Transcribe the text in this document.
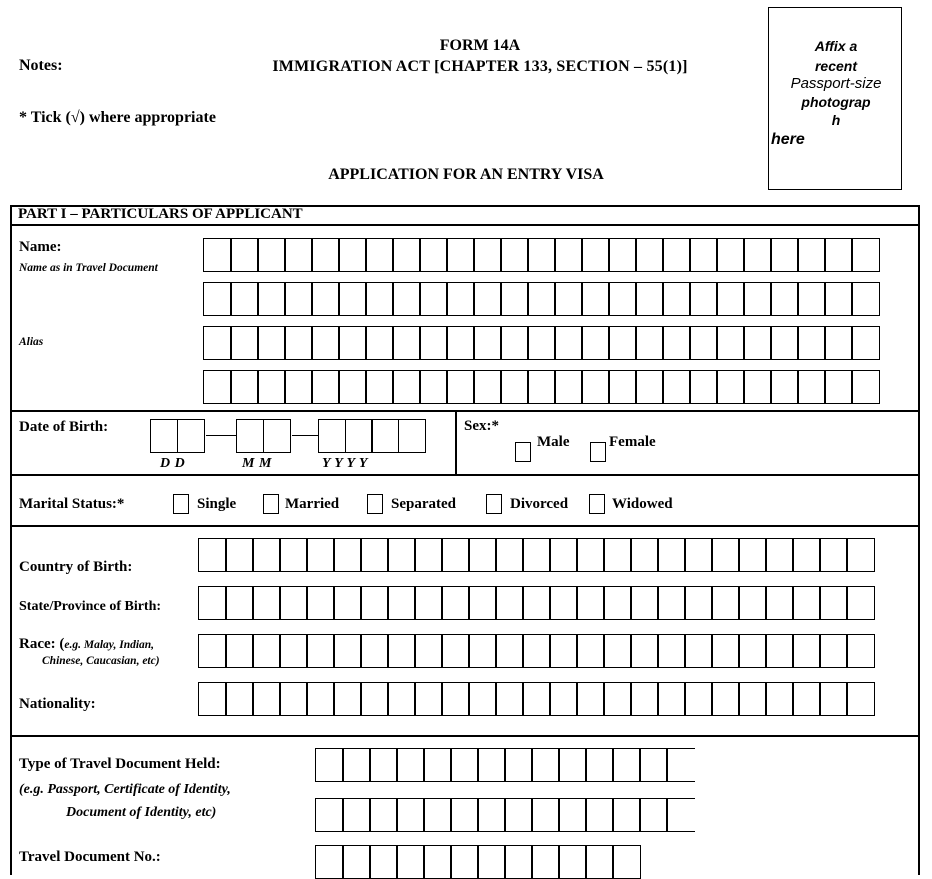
Notes:
* Tick (√) where appropriate
FORM 14A
IMMIGRATION ACT [CHAPTER 133, SECTION – 55(1)]
APPLICATION FOR AN ENTRY VISA
Affix a
recent
Passport-size
photograp
h
here
PART I – PARTICULARS OF APPLICANT
Name:
Name as in Travel Document
Alias
Date of Birth:
D D	M M	Y Y Y Y
Sex:*
Male	Female
Marital Status:*	Single	Married	Separated	Divorced	Widowed
Country of Birth:
State/Province of Birth:
Race: (e.g. Malay, Indian,
Chinese, Caucasian, etc)
Nationality:
Type of Travel Document Held:
(e.g. Passport, Certificate of Identity,
Document of Identity, etc)
Travel Document No.:
